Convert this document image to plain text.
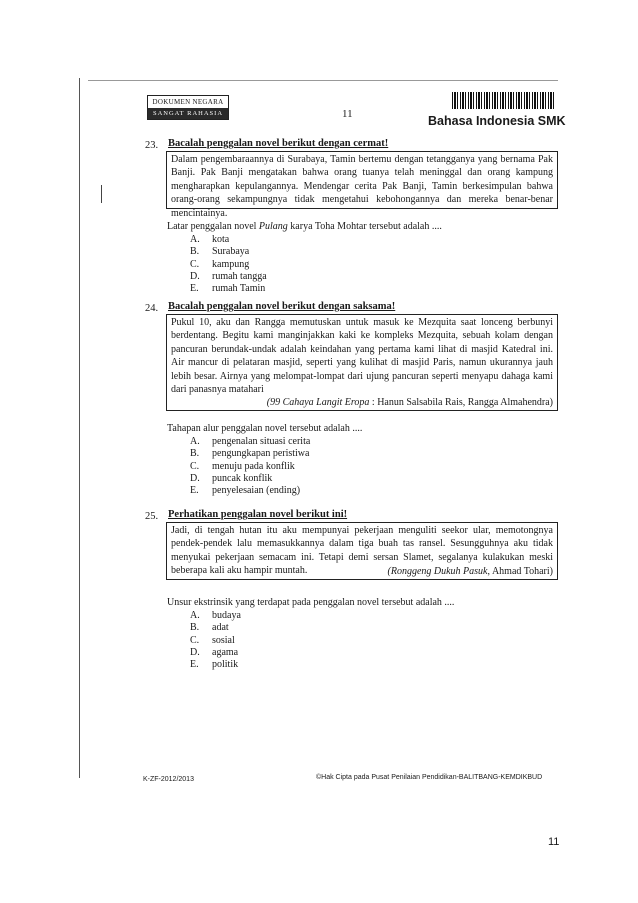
DOKUMEN NEGARA
SANGAT RAHASIA	11	Bahasa Indonesia SMK
23. Bacalah penggalan novel berikut dengan cermat!

Dalam pengembaraannya di Surabaya, Tamin bertemu dengan tetangganya yang bernama Pak Banji. Pak Banji mengatakan bahwa orang tuanya telah meninggal dan orang kampung mengharapkan kepulangannya. Mendengar cerita Pak Banji, Tamin berkesimpulan bahwa orang-orang sekampungnya tidak mengetahui kebohongannya dan mereka benar-benar mencintainya.

Latar penggalan novel Pulang karya Toha Mohtar tersebut adalah ....
A.	kota
B.	Surabaya
C.	kampung
D.	rumah tangga
E.	rumah Tamin
24. Bacalah penggalan novel berikut dengan saksama!

Pukul 10, aku dan Rangga memutuskan untuk masuk ke Mezquita saat lonceng berbunyi berdentang. Begitu kami manginjakkan kaki ke kompleks Mezquita, sebuah kolam dengan pancuran berundak-undak adalah keindahan yang pertama kami lihat di masjid Katedral ini. Air mancur di pelataran masjid, seperti yang kulihat di masjid Paris, namun ukurannya jauh lebih besar. Airnya yang melompat-lompat dari ujung pancuran seperti menyapu dahaga kami dari panasnya matahari

(99 Cahaya Langit Eropa : Hanun Salsabila Rais, Rangga Almahendra)
Tahapan alur penggalan novel tersebut adalah ....
A.	pengenalan situasi cerita
B.	pengungkapan peristiwa
C.	menuju pada konflik
D.	puncak konflik
E.	penyelesaian (ending)
25. Perhatikan penggalan novel berikut ini!

Jadi, di tengah hutan itu aku mempunyai pekerjaan menguliti seekor ular, memotongnya pendek-pendek lalu memasukkannya dalam tiga buah tas ransel. Sesungguhnya aku tidak menyukai pekerjaan semacam ini. Tetapi demi sersan Slamet, segalanya kulakukan meski beberapa kali aku hampir muntah.	(Ronggeng Dukuh Pasuk, Ahmad Tohari)
Unsur ekstrinsik yang terdapat pada penggalan novel tersebut adalah ....
A.	budaya
B.	adat
C.	sosial
D.	agama
E.	politik
K-ZF-2012/2013	©Hak Cipta pada Pusat Penilaian Pendidikan-BALITBANG-KEMDIKBUD
11
